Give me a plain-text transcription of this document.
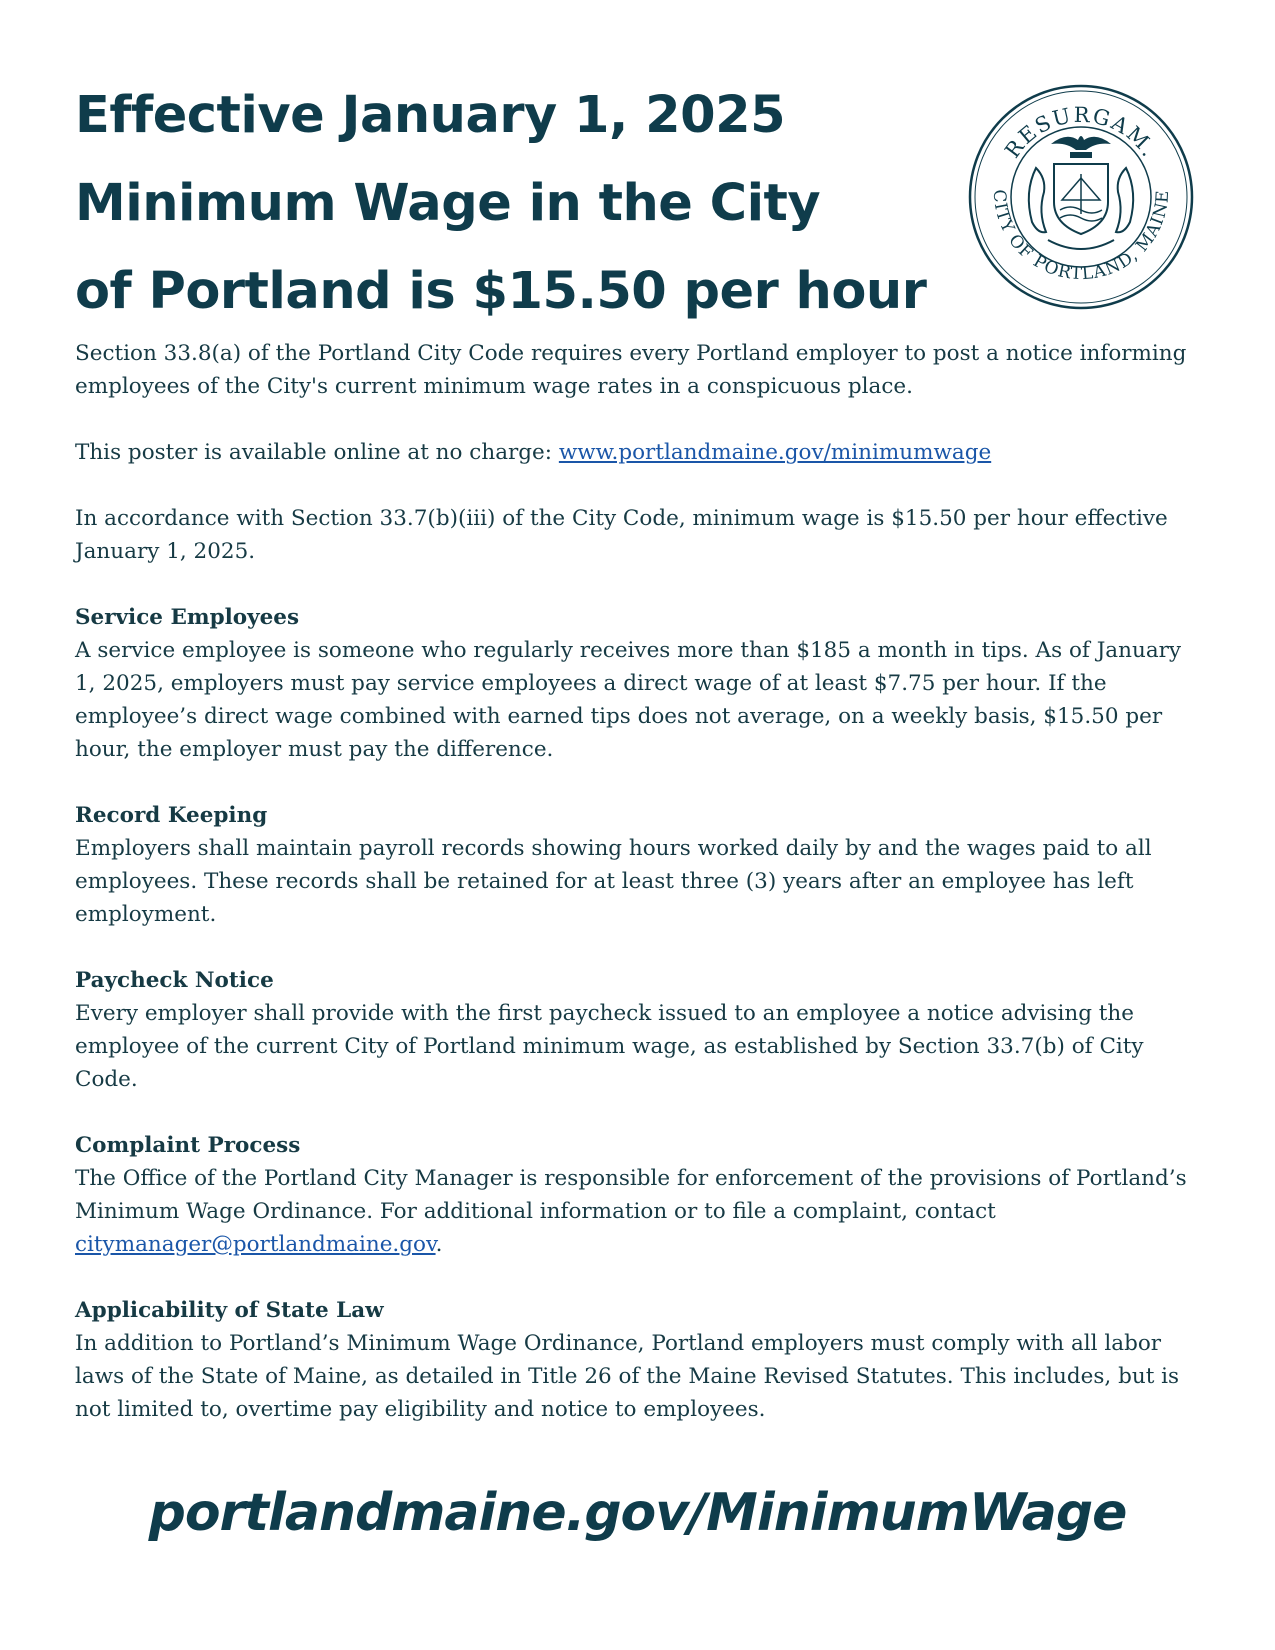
Effective January 1, 2025
Minimum Wage in the City
of Portland is $15.50 per hour
RESURGAM.
CITY OF PORTLAND, MAINE

Section 33.8(a) of the Portland City Code requires every Portland employer to post a notice informing employees of the City's current minimum wage rates in a conspicuous place.

This poster is available online at no charge: www.portlandmaine.gov/minimumwage

In accordance with Section 33.7(b)(iii) of the City Code, minimum wage is $15.50 per hour effective January 1, 2025.

Service Employees

A service employee is someone who regularly receives more than $185 a month in tips. As of January 1, 2025, employers must pay service employees a direct wage of at least $7.75 per hour. If the employee’s direct wage combined with earned tips does not average, on a weekly basis, $15.50 per hour, the employer must pay the difference.

Record Keeping

Employers shall maintain payroll records showing hours worked daily by and the wages paid to all employees. These records shall be retained for at least three (3) years after an employee has left employment.

Paycheck Notice

Every employer shall provide with the first paycheck issued to an employee a notice advising the employee of the current City of Portland minimum wage, as established by Section 33.7(b) of City Code.

Complaint Process

The Office of the Portland City Manager is responsible for enforcement of the provisions of Portland’s Minimum Wage Ordinance. For additional information or to file a complaint, contact citymanager@portlandmaine.gov.

Applicability of State Law

In addition to Portland’s Minimum Wage Ordinance, Portland employers must comply with all labor laws of the State of Maine, as detailed in Title 26 of the Maine Revised Statutes. This includes, but is not limited to, overtime pay eligibility and notice to employees.

portlandmaine.gov/MinimumWage
